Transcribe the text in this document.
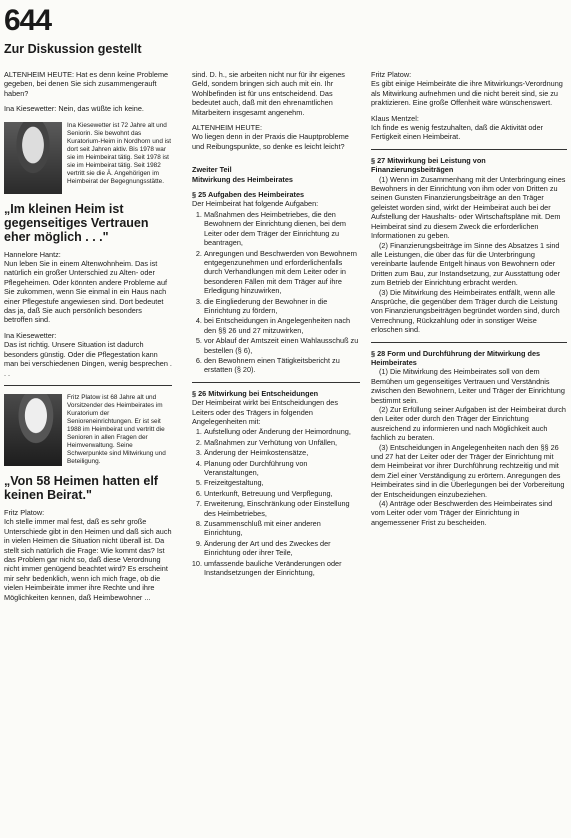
644
Zur Diskussion gestellt

ALTENHEIM HEUTE: Hat es denn keine Probleme gegeben, bei denen Sie sich zusammengerauft haben?

Ina Kiesewetter: Nein, das wüßte ich keine.

Ina Kiesewetter ist 72 Jahre alt und Seniorin. Sie bewohnt das Kuratorium-Heim in Nordhorn und ist dort seit Jahren aktiv. Bis 1978 war sie im Heimbeirat tätig. Seit 1978 ist sie im Heimbeirat tätig. Seit 1982 vertritt sie die Ä. Angehörigen im Heimbeirat der Begegnungsstätte.

„Im kleinen Heim ist gegenseitiges Vertrauen eher möglich . . ."

Hannelore Hantz:

Nun leben Sie in einem Altenwohnheim. Das ist natürlich ein großer Unterschied zu Alten- oder Pflegeheimen. Oder könnten andere Probleme auf Sie zukommen, wenn Sie einmal in ein Haus nach einer Pflegestufe angewiesen sind. Dort bedeutet das ja, daß Sie auch persönlich besonders betroffen sind.

Ina Kiesewetter:

Das ist richtig. Unsere Situation ist dadurch besonders günstig. Oder die Pflegestation kann man bei verschiedenen Dingen, wenig besprechen . . .

Fritz Platow ist 68 Jahre alt und Vorsitzender des Heimbeirates im Kuratorium der Senioreneinrichtungen. Er ist seit 1988 im Heimbeirat und vertritt die Senioren in allen Fragen der Heimverwaltung. Seine Schwerpunkte sind Mitwirkung und Beteiligung.

„Von 58 Heimen hatten elf keinen Beirat."

Fritz Platow:

Ich stelle immer mal fest, daß es sehr große Unterschiede gibt in den Heimen und daß sich auch in vielen Heimen die Situation nicht überall ist. Da stellt sich natürlich die Frage: Wie kommt das? Ist das Problem gar nicht so, daß diese Verordnung nicht immer genügend beachtet wird? Es erscheint mir sehr bedenklich, wenn ich mich frage, ob die vielen Heimbeiräte immer ihre Rechte und ihre Möglichkeiten kennen, daß Heimbewohner ...

sind. D. h., sie arbeiten nicht nur für ihr eigenes Geld, sondern bringen sich auch mit ein. Ihr Wohlbefinden ist für uns entscheidend. Das bedeutet auch, daß mit den ehrenamtlichen Mitarbeitern insgesamt angenehm.

ALTENHEIM HEUTE:

Wo liegen denn in der Praxis die Hauptprobleme und Reibungspunkte, so denke es leicht leicht?

Zweiter Teil

Mitwirkung des Heimbeirates

§ 25 Aufgaben des Heimbeirates

Der Heimbeirat hat folgende Aufgaben:

1. Maßnahmen des Heimbetriebes, die den Bewohnern der Einrichtung dienen, bei dem Leiter oder dem Träger der Einrichtung zu beantragen,
2. Anregungen und Beschwerden von Bewohnern entgegenzunehmen und erforderlichenfalls durch Verhandlungen mit dem Leiter oder in besonderen Fällen mit dem Träger auf ihre Erledigung hinzuwirken,
3. die Eingliederung der Bewohner in die Einrichtung zu fördern,
4. bei Entscheidungen in Angelegenheiten nach den §§ 26 und 27 mitzuwirken,
5. vor Ablauf der Amtszeit einen Wahlausschuß zu bestellen (§ 6),
6. den Bewohnern einen Tätigkeitsbericht zu erstatten (§ 20).

§ 26 Mitwirkung bei Entscheidungen

Der Heimbeirat wirkt bei Entscheidungen des Leiters oder des Trägers in folgenden Angelegenheiten mit:

1. Aufstellung oder Änderung der Heimordnung,
2. Maßnahmen zur Verhütung von Unfällen,
3. Änderung der Heimkostensätze,
4. Planung oder Durchführung von Veranstaltungen,
5. Freizeitgestaltung,
6. Unterkunft, Betreuung und Verpflegung,
7. Erweiterung, Einschränkung oder Einstellung des Heimbetriebes,
8. Zusammenschluß mit einer anderen Einrichtung,
9. Änderung der Art und des Zweckes der Einrichtung oder ihrer Teile,
10. umfassende bauliche Veränderungen oder Instandsetzungen der Einrichtung,

Fritz Platow:

Es gibt einige Heimbeiräte die ihre Mitwirkungs-Verordnung als Mitwirkung aufnehmen und die nicht bereit sind, sie zu praktizieren. Eine große Offenheit wäre wünschenswert.

Klaus Mentzel:

Ich finde es wenig festzuhalten, daß die Aktivität oder Fertigkeit einen Heimbeirat.

§ 27 Mitwirkung bei Leistung von Finanzierungsbeiträgen

(1) Wenn im Zusammenhang mit der Unterbringung eines Bewohners in der Einrichtung von ihm oder von Dritten zu seinen Gunsten Finanzierungsbeiträge an den Träger geleistet worden sind, wirkt der Heimbeirat auch bei der Aufstellung der Haushalts- oder Wirtschaftspläne mit. Dem Heimbeirat sind zu diesem Zweck die erforderlichen Informationen zu geben.

(2) Finanzierungsbeiträge im Sinne des Absatzes 1 sind alle Leistungen, die über das für die Unterbringung vereinbarte laufende Entgelt hinaus von Bewohnern oder Dritten zum Bau, zur Instandsetzung, zur Ausstattung oder zum Betrieb der Einrichtung erbracht werden.

(3) Die Mitwirkung des Heimbeirates entfällt, wenn alle Ansprüche, die gegenüber dem Träger durch die Leistung von Finanzierungsbeiträgen begründet worden sind, durch Verrechnung, Rückzahlung oder in sonstiger Weise erloschen sind.

§ 28 Form und Durchführung der Mitwirkung des Heimbeirates

(1) Die Mitwirkung des Heimbeirates soll von dem Bemühen um gegenseitiges Vertrauen und Verständnis zwischen den Bewohnern, Leiter und Träger der Einrichtung bestimmt sein.

(2) Zur Erfüllung seiner Aufgaben ist der Heimbeirat durch den Leiter oder durch den Träger der Einrichtung ausreichend zu informieren und nach Möglichkeit auch fachlich zu beraten.

(3) Entscheidungen in Angelegenheiten nach den §§ 26 und 27 hat der Leiter oder der Träger der Einrichtung mit dem Heimbeirat vor ihrer Durchführung rechtzeitig und mit dem Ziel einer Verständigung zu erörtern. Anregungen des Heimbeirates sind in die Überlegungen bei der Vorbereitung der Entscheidungen einzubeziehen.

(4) Anträge oder Beschwerden des Heimbeirates sind vom Leiter oder vom Träger der Einrichtung in angemessener Frist zu bescheiden.
